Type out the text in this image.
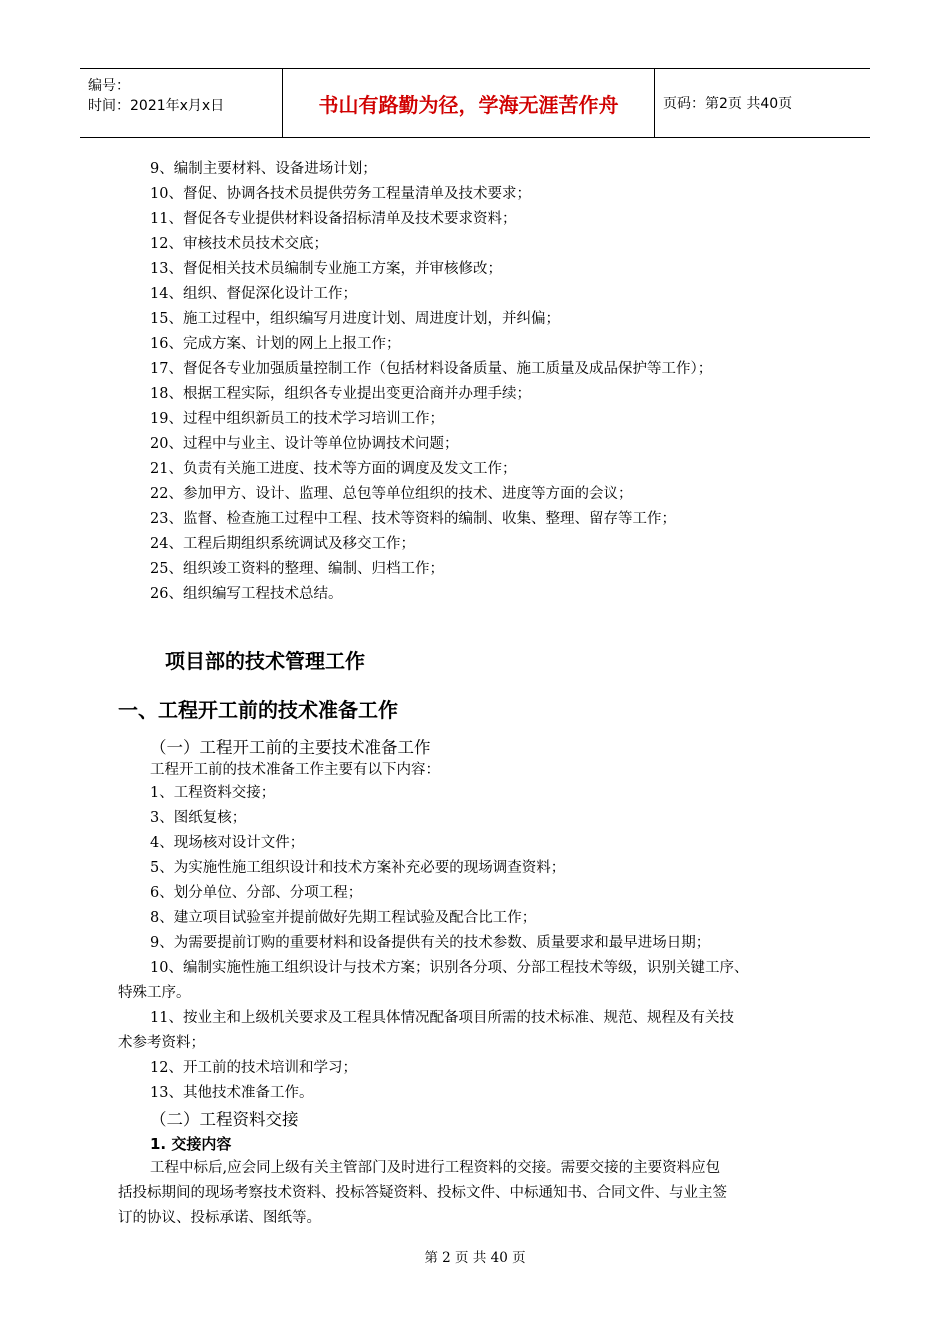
编号：
时间：2021年x月x日	书山有路勤为径，学海无涯苦作舟	页码：第2页 共40页
9、编制主要材料、设备进场计划；
10、督促、协调各技术员提供劳务工程量清单及技术要求；
11、督促各专业提供材料设备招标清单及技术要求资料；
12、审核技术员技术交底；
13、督促相关技术员编制专业施工方案，并审核修改；
14、组织、督促深化设计工作；
15、施工过程中，组织编写月进度计划、周进度计划，并纠偏；
16、完成方案、计划的网上上报工作；
17、督促各专业加强质量控制工作（包括材料设备质量、施工质量及成品保护等工作）；
18、根据工程实际，组织各专业提出变更洽商并办理手续；
19、过程中组织新员工的技术学习培训工作；
20、过程中与业主、设计等单位协调技术问题；
21、负责有关施工进度、技术等方面的调度及发文工作；
22、参加甲方、设计、监理、总包等单位组织的技术、进度等方面的会议；
23、监督、检查施工过程中工程、技术等资料的编制、收集、整理、留存等工作；
24、工程后期组织系统调试及移交工作；
25、组织竣工资料的整理、编制、归档工作；
26、组织编写工程技术总结。
项目部的技术管理工作
一、工程开工前的技术准备工作
（一）工程开工前的主要技术准备工作
工程开工前的技术准备工作主要有以下内容：
1、工程资料交接；
3、图纸复核；
4、现场核对设计文件；
5、为实施性施工组织设计和技术方案补充必要的现场调查资料；
6、划分单位、分部、分项工程；
8、建立项目试验室并提前做好先期工程试验及配合比工作；
9、为需要提前订购的重要材料和设备提供有关的技术参数、质量要求和最早进场日期；
10、编制实施性施工组织设计与技术方案；识别各分项、分部工程技术等级，识别关键工序、
特殊工序。
11、按业主和上级机关要求及工程具体情况配备项目所需的技术标准、规范、规程及有关技
术参考资料；
12、开工前的技术培训和学习；
13、其他技术准备工作。
（二）工程资料交接
1. 交接内容
工程中标后,应会同上级有关主管部门及时进行工程资料的交接。需要交接的主要资料应包
括投标期间的现场考察技术资料、投标答疑资料、投标文件、中标通知书、合同文件、与业主签
订的协议、投标承诺、图纸等。
第 2 页 共 40 页
